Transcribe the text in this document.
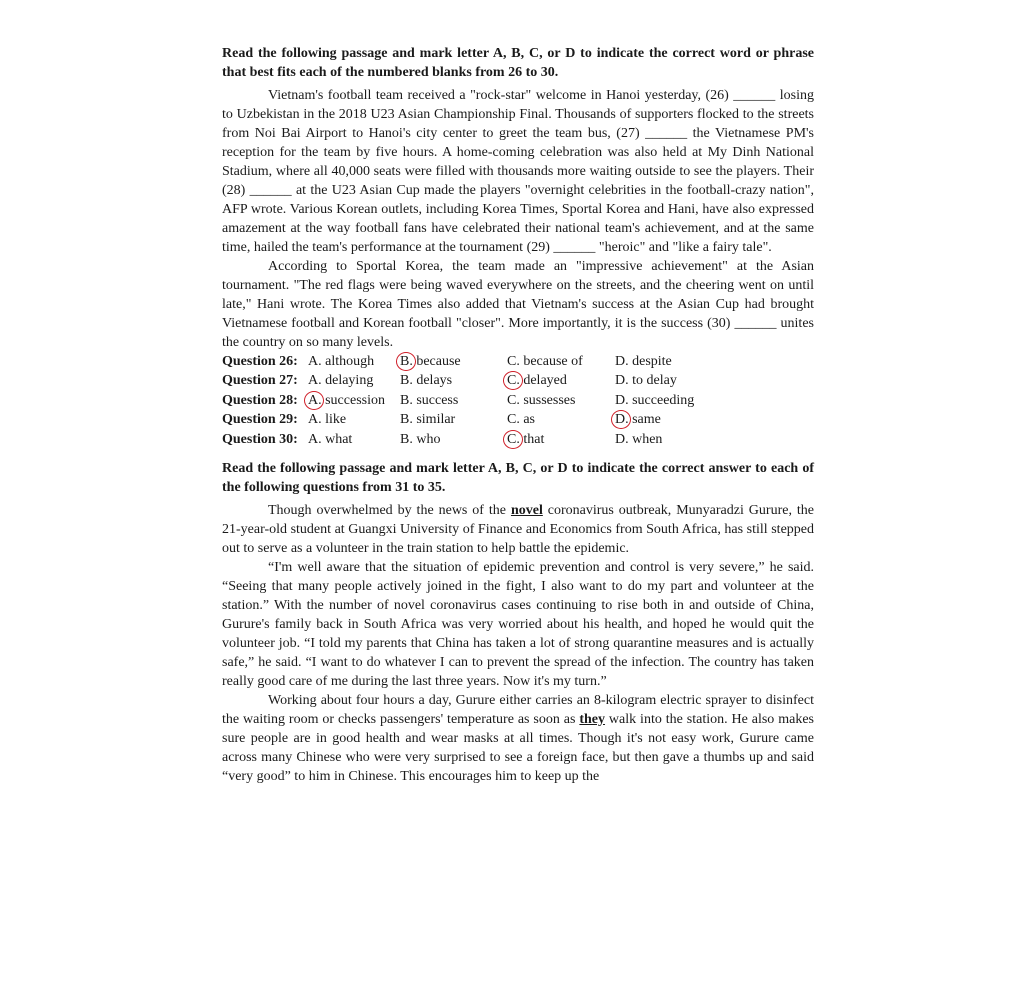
Read the following passage and mark letter A, B, C, or D to indicate the correct word or phrase that best fits each of the numbered blanks from 26 to 30.

Vietnam's football team received a "rock-star" welcome in Hanoi yesterday, (26) ______ losing to Uzbekistan in the 2018 U23 Asian Championship Final. Thousands of supporters flocked to the streets from Noi Bai Airport to Hanoi's city center to greet the team bus, (27) ______ the Vietnamese PM's reception for the team by five hours. A home-coming celebration was also held at My Dinh National Stadium, where all 40,000 seats were filled with thousands more waiting outside to see the players. Their (28) ______ at the U23 Asian Cup made the players "overnight celebrities in the football-crazy nation", AFP wrote. Various Korean outlets, including Korea Times, Sportal Korea and Hani, have also expressed amazement at the way football fans have celebrated their national team's achievement, and at the same time, hailed the team's performance at the tournament (29) ______ "heroic" and "like a fairy tale".

According to Sportal Korea, the team made an "impressive achievement" at the Asian tournament. "The red flags were being waved everywhere on the streets, and the cheering went on until late," Hani wrote. The Korea Times also added that Vietnam's success at the Asian Cup had brought Vietnamese football and Korean football "closer". More importantly, it is the success (30) ______ unites the country on so many levels.

Question 26: A. although	B. because	C. because of	D. despite
Question 27: A. delaying	B. delays	C. delayed	D. to delay
Question 28: A. succession	B. success	C. sussesses	D. succeeding
Question 29: A. like	B. similar	C. as	D. same
Question 30: A. what	B. who	C. that	D. when

Read the following passage and mark letter A, B, C, or D to indicate the correct answer to each of the following questions from 31 to 35.

Though overwhelmed by the news of the novel coronavirus outbreak, Munyaradzi Gurure, the 21-year-old student at Guangxi University of Finance and Economics from South Africa, has still stepped out to serve as a volunteer in the train station to help battle the epidemic.

“I'm well aware that the situation of epidemic prevention and control is very severe,” he said. “Seeing that many people actively joined in the fight, I also want to do my part and volunteer at the station.” With the number of novel coronavirus cases continuing to rise both in and outside of China, Gurure's family back in South Africa was very worried about his health, and hoped he would quit the volunteer job. “I told my parents that China has taken a lot of strong quarantine measures and is actually safe,” he said. “I want to do whatever I can to prevent the spread of the infection. The country has taken really good care of me during the last three years. Now it's my turn.”

Working about four hours a day, Gurure either carries an 8-kilogram electric sprayer to disinfect the waiting room or checks passengers' temperature as soon as they walk into the station. He also makes sure people are in good health and wear masks at all times. Though it's not easy work, Gurure came across many Chinese who were very surprised to see a foreign face, but then gave a thumbs up and said “very good” to him in Chinese. This encourages him to keep up the
